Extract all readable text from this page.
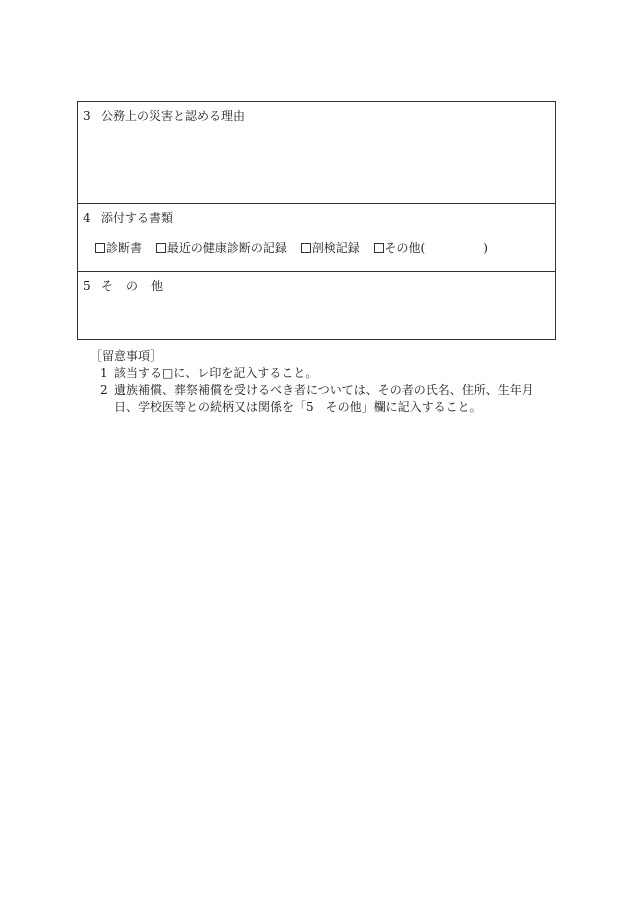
3 公務上の災害と認める理由
4 添付する書類
診断書 最近の健康診断の記録 剖検記録 その他(	)
5 そ の 他
［留意事項］
1 該当する□に、レ印を記入すること。
2 遺族補償、葬祭補償を受けるべき者については、その者の氏名、住所、生年月
日、学校医等との続柄又は関係を「5　その他」欄に記入すること。
